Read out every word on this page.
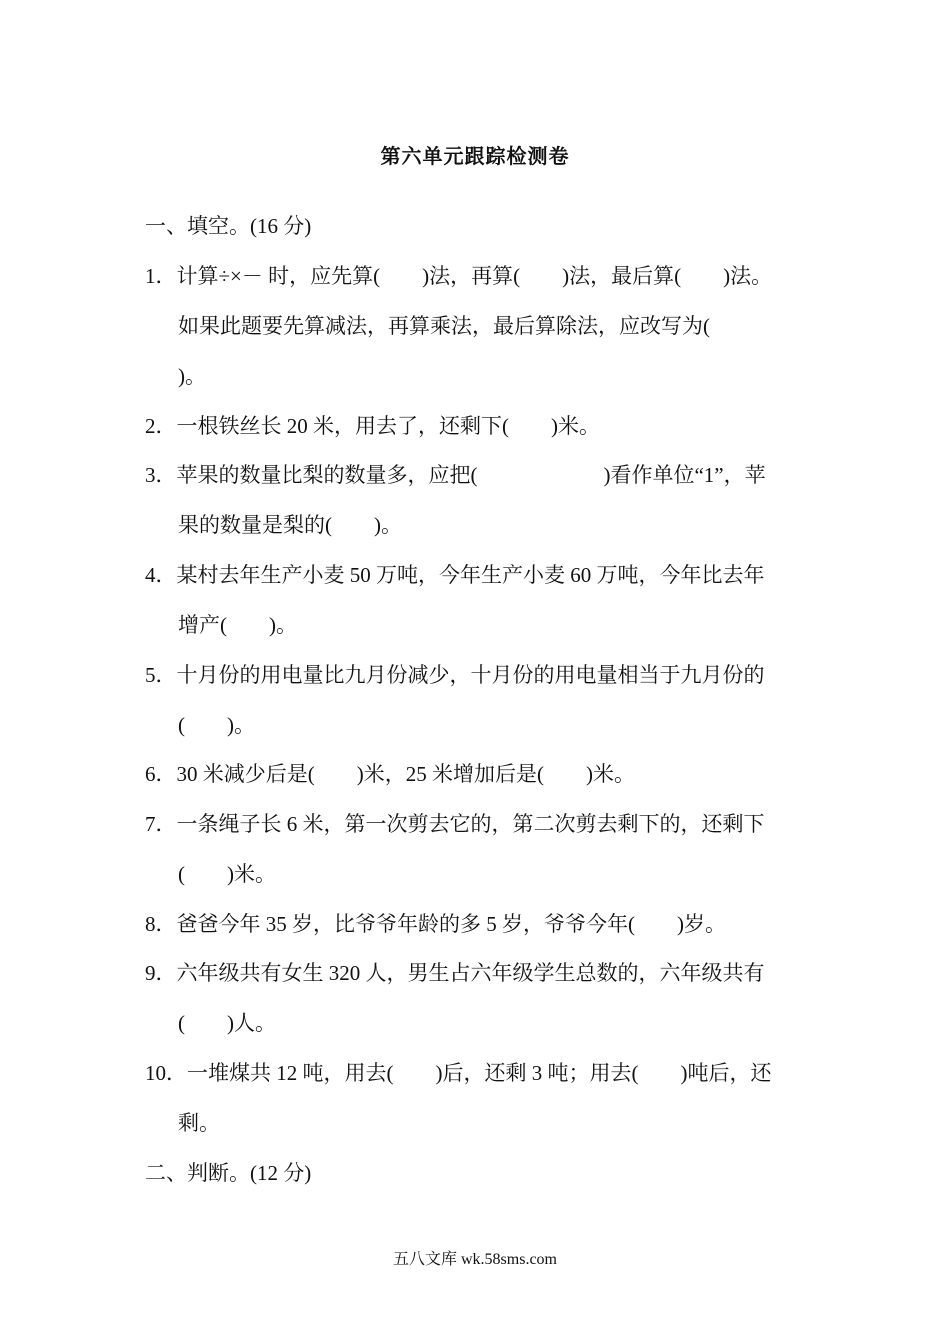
第六单元跟踪检测卷
一、填空。(16 分)
1．计算÷×－ 时，应先算(　　)法，再算(　　)法，最后算(　　)法。
如果此题要先算减法，再算乘法，最后算除法，应改写为(
)。
2．一根铁丝长 20 米，用去了，还剩下(　　)米。
3．苹果的数量比梨的数量多，应把(　　　　　　)看作单位“1”，苹
果的数量是梨的(　　)。
4．某村去年生产小麦 50 万吨，今年生产小麦 60 万吨，今年比去年
增产(　　)。
5．十月份的用电量比九月份减少，十月份的用电量相当于九月份的
(　　)。
6．30 米减少后是(　　)米，25 米增加后是(　　)米。
7．一条绳子长 6 米，第一次剪去它的，第二次剪去剩下的，还剩下
(　　)米。
8．爸爸今年 35 岁，比爷爷年龄的多 5 岁，爷爷今年(　　)岁。
9．六年级共有女生 320 人，男生占六年级学生总数的，六年级共有
(　　)人。
10．一堆煤共 12 吨，用去(　　)后，还剩 3 吨；用去(　　)吨后，还
剩。
二、判断。(12 分)
五八文库 wk.58sms.com
